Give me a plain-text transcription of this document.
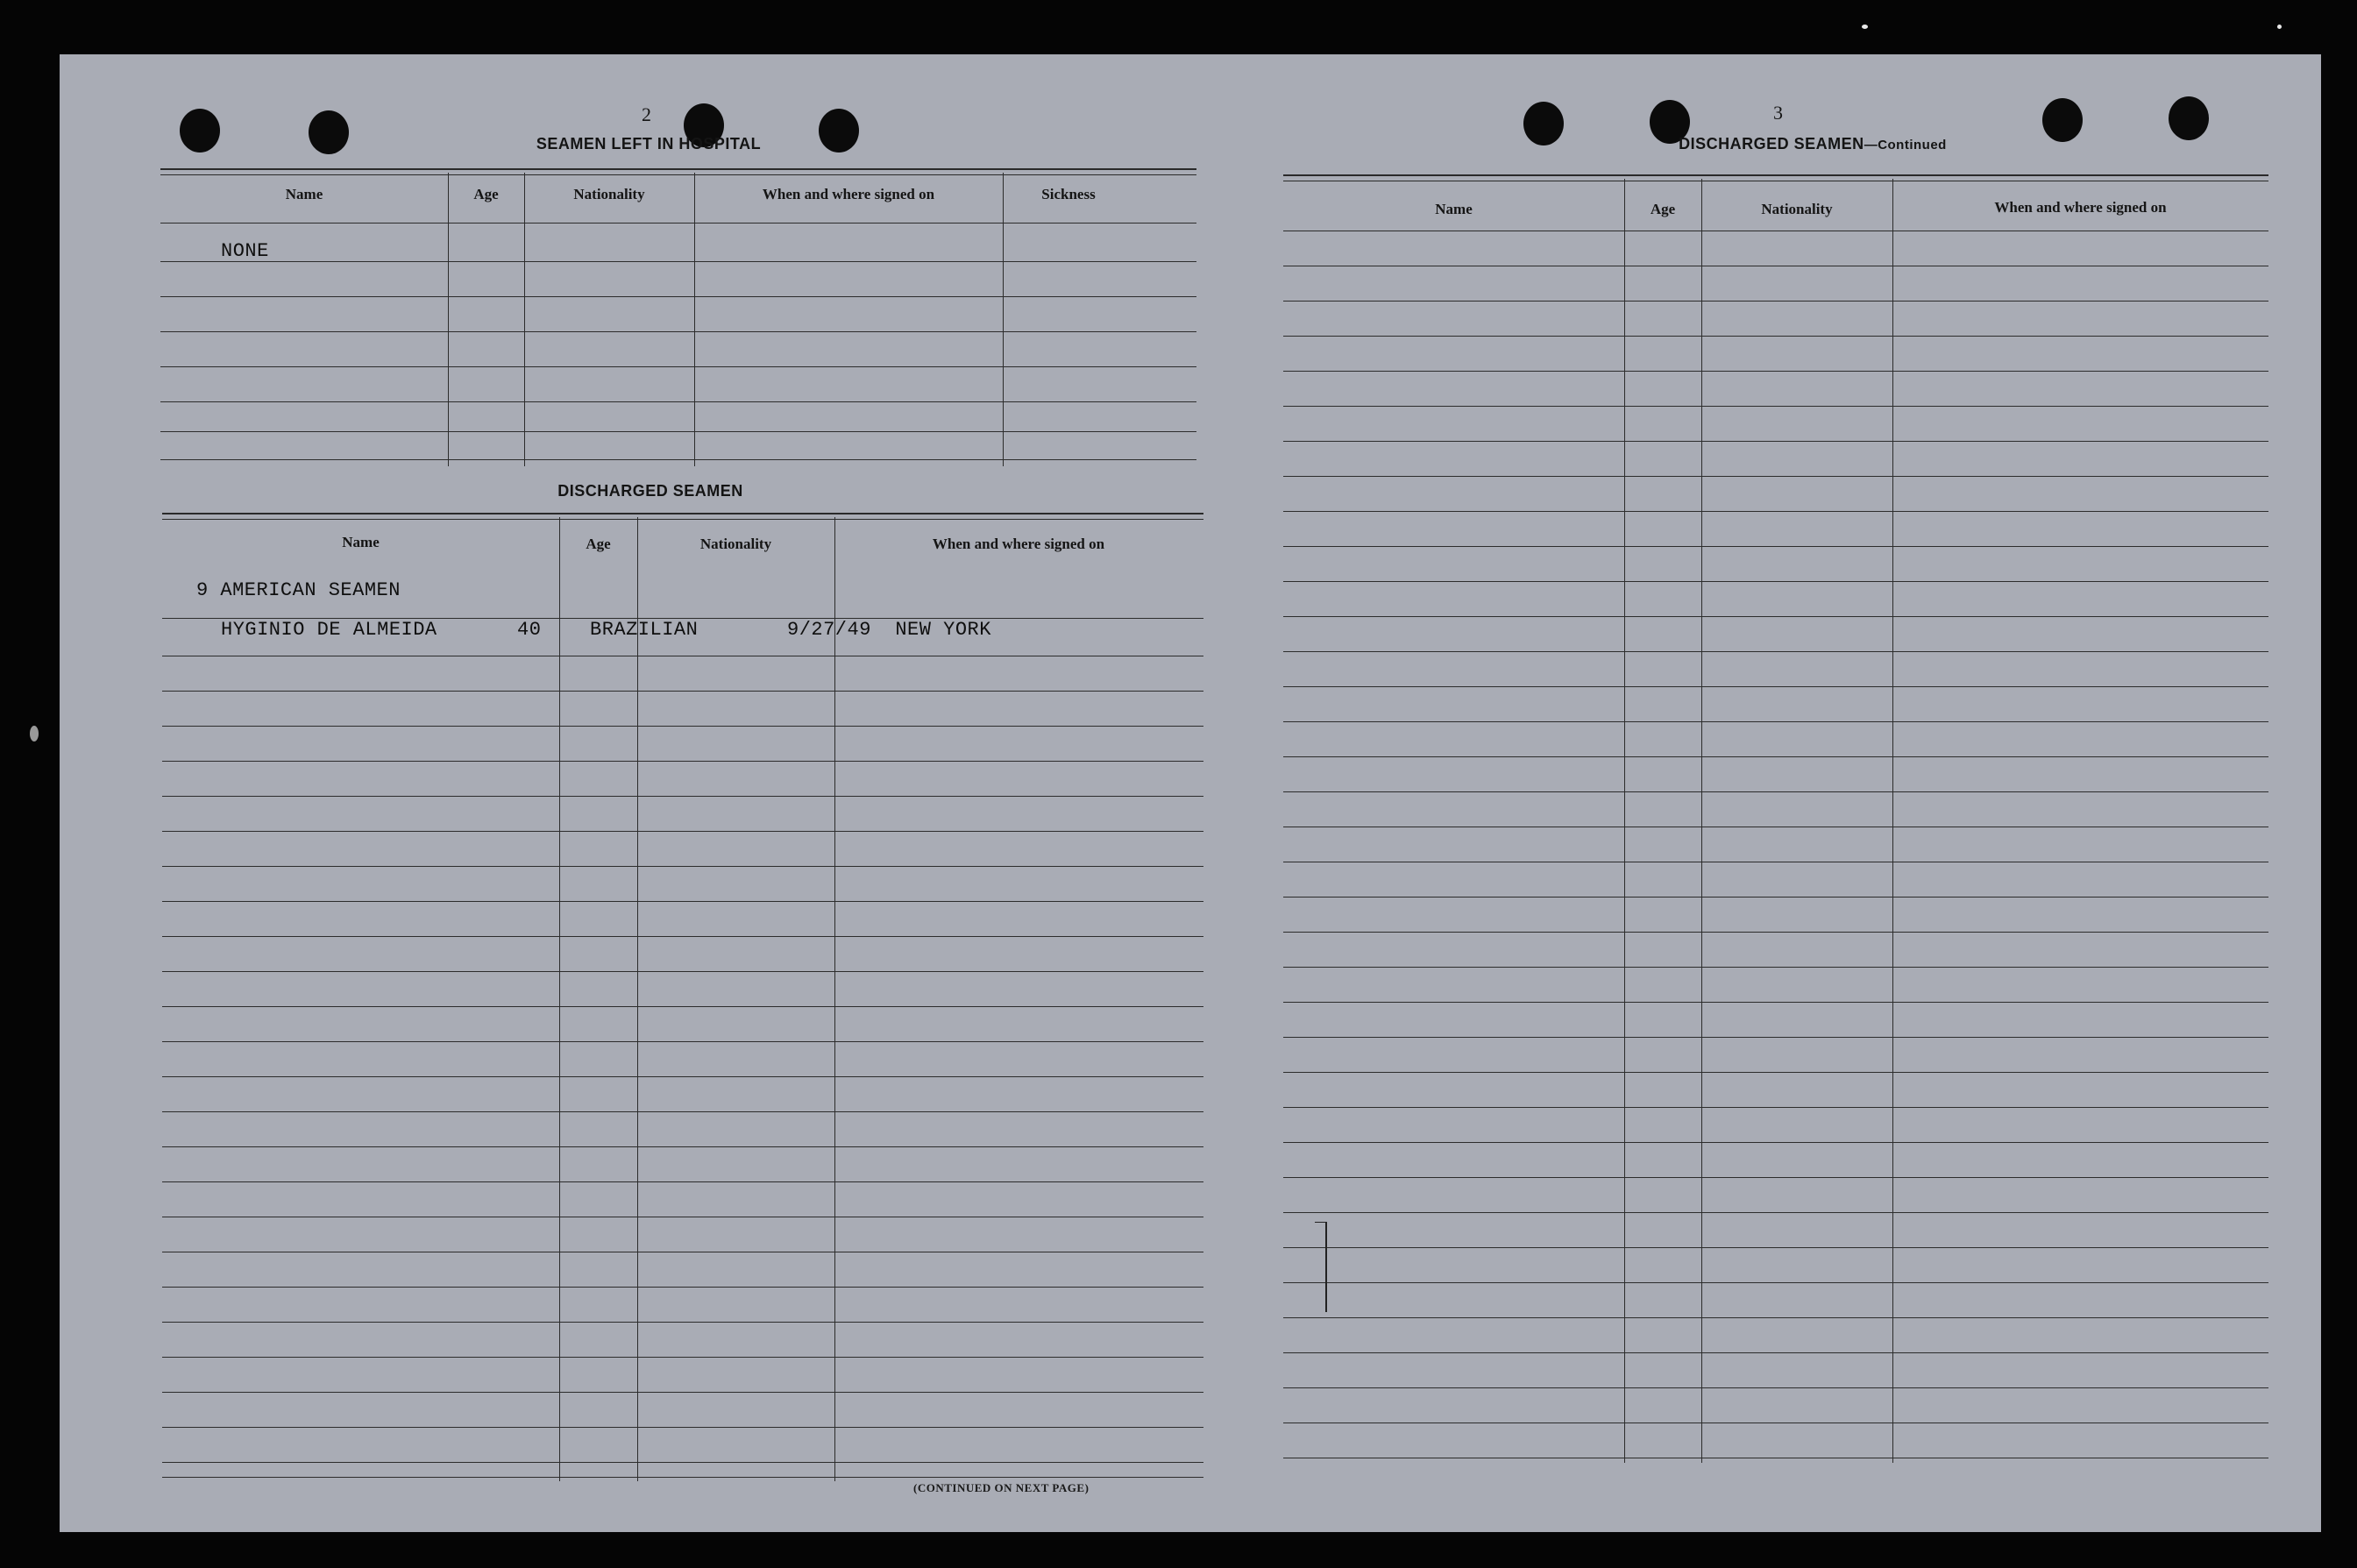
2
SEAMEN LEFT IN HOSPITAL
Name	Age	Nationality	When and where signed on	Sickness
NONE
DISCHARGED SEAMEN
Name	Age	Nationality	When and where signed on
9 AMERICAN SEAMEN
HYGINIO DE ALMEIDA	40	BRAZILIAN	9/27/49  NEW YORK
(CONTINUED ON NEXT PAGE)
3
DISCHARGED SEAMEN—Continued
Name	Age	Nationality	When and where signed on
